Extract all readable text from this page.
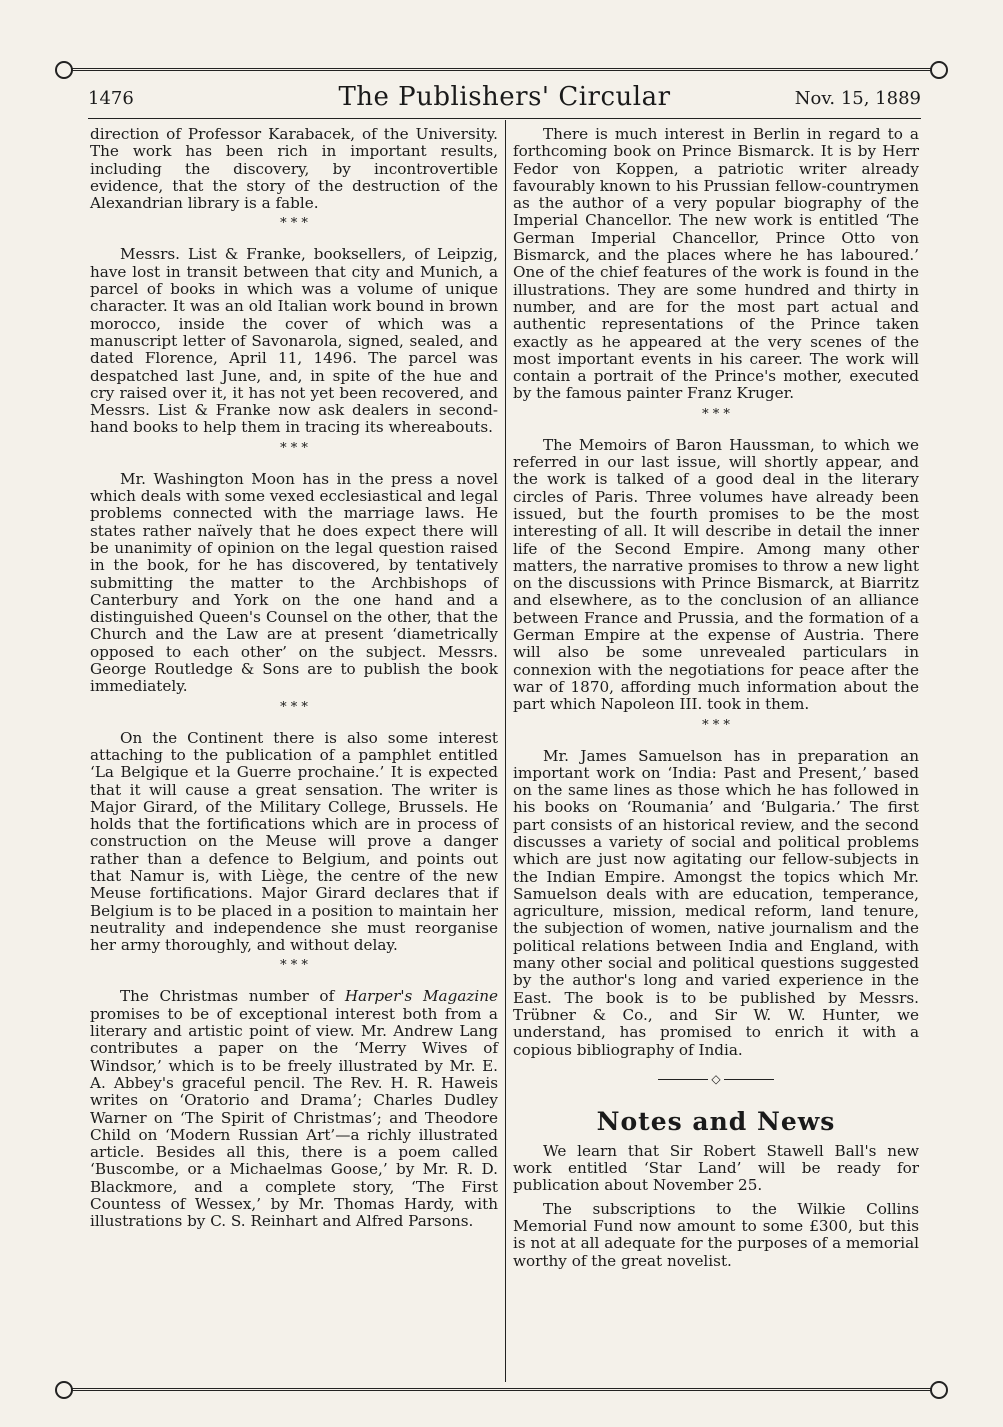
1476	The Publishers' Circular	Nov. 15, 1889

direction of Professor Karabacek, of the University. The work has been rich in important results, including the discovery, by incontrovertible evidence, that the story of the destruction of the Alexandrian library is a fable.

* * *

Messrs. List & Franke, booksellers, of Leipzig, have lost in transit between that city and Munich, a parcel of books in which was a volume of unique character. It was an old Italian work bound in brown morocco, inside the cover of which was a manuscript letter of Savonarola, signed, sealed, and dated Florence, April 11, 1496. The parcel was despatched last June, and, in spite of the hue and cry raised over it, it has not yet been recovered, and Messrs. List & Franke now ask dealers in second-hand books to help them in tracing its whereabouts.

* * *

Mr. Washington Moon has in the press a novel which deals with some vexed ecclesiastical and legal problems connected with the marriage laws. He states rather naïvely that he does expect there will be unanimity of opinion on the legal question raised in the book, for he has discovered, by tentatively submitting the matter to the Archbishops of Canterbury and York on the one hand and a distinguished Queen's Counsel on the other, that the Church and the Law are at present ‘diametrically opposed to each other’ on the subject. Messrs. George Routledge & Sons are to publish the book immediately.

* * *

On the Continent there is also some interest attaching to the publication of a pamphlet entitled ‘La Belgique et la Guerre prochaine.’ It is expected that it will cause a great sensation. The writer is Major Girard, of the Military College, Brussels. He holds that the fortifications which are in process of construction on the Meuse will prove a danger rather than a defence to Belgium, and points out that Namur is, with Liège, the centre of the new Meuse fortifications. Major Girard declares that if Belgium is to be placed in a position to maintain her neutrality and independence she must reorganise her army thoroughly, and without delay.

* * *

The Christmas number of Harper's Magazine promises to be of exceptional interest both from a literary and artistic point of view. Mr. Andrew Lang contributes a paper on the ‘Merry Wives of Windsor,’ which is to be freely illustrated by Mr. E. A. Abbey's graceful pencil. The Rev. H. R. Haweis writes on ‘Oratorio and Drama’; Charles Dudley Warner on ‘The Spirit of Christmas’; and Theodore Child on ‘Modern Russian Art’—a richly illustrated article. Besides all this, there is a poem called ‘Buscombe, or a Michaelmas Goose,’ by Mr. R. D. Blackmore, and a complete story, ‘The First Countess of Wessex,’ by Mr. Thomas Hardy, with illustrations by C. S. Reinhart and Alfred Parsons.

There is much interest in Berlin in regard to a forthcoming book on Prince Bismarck. It is by Herr Fedor von Koppen, a patriotic writer already favourably known to his Prussian fellow-countrymen as the author of a very popular biography of the Imperial Chancellor. The new work is entitled ‘The German Imperial Chancellor, Prince Otto von Bismarck, and the places where he has laboured.’ One of the chief features of the work is found in the illustrations. They are some hundred and thirty in number, and are for the most part actual and authentic representations of the Prince taken exactly as he appeared at the very scenes of the most important events in his career. The work will contain a portrait of the Prince's mother, executed by the famous painter Franz Kruger.

* * *

The Memoirs of Baron Haussman, to which we referred in our last issue, will shortly appear, and the work is talked of a good deal in the literary circles of Paris. Three volumes have already been issued, but the fourth promises to be the most interesting of all. It will describe in detail the inner life of the Second Empire. Among many other matters, the narrative promises to throw a new light on the discussions with Prince Bismarck, at Biarritz and elsewhere, as to the conclusion of an alliance between France and Prussia, and the formation of a German Empire at the expense of Austria. There will also be some unrevealed particulars in connexion with the negotiations for peace after the war of 1870, affording much information about the part which Napoleon III. took in them.

* * *

Mr. James Samuelson has in preparation an important work on ‘India: Past and Present,’ based on the same lines as those which he has followed in his books on ‘Roumania’ and ‘Bulgaria.’ The first part consists of an historical review, and the second discusses a variety of social and political problems which are just now agitating our fellow-subjects in the Indian Empire. Amongst the topics which Mr. Samuelson deals with are education, temperance, agriculture, mission, medical reform, land tenure, the subjection of women, native journalism and the political relations between India and England, with many other social and political questions suggested by the author's long and varied experience in the East. The book is to be published by Messrs. Trübner & Co., and Sir W. W. Hunter, we understand, has promised to enrich it with a copious bibliography of India.

◇
Notes and News

We learn that Sir Robert Stawell Ball's new work entitled ‘Star Land’ will be ready for publication about November 25.

The subscriptions to the Wilkie Collins Memorial Fund now amount to some £300, but this is not at all adequate for the purposes of a memorial worthy of the great novelist.
